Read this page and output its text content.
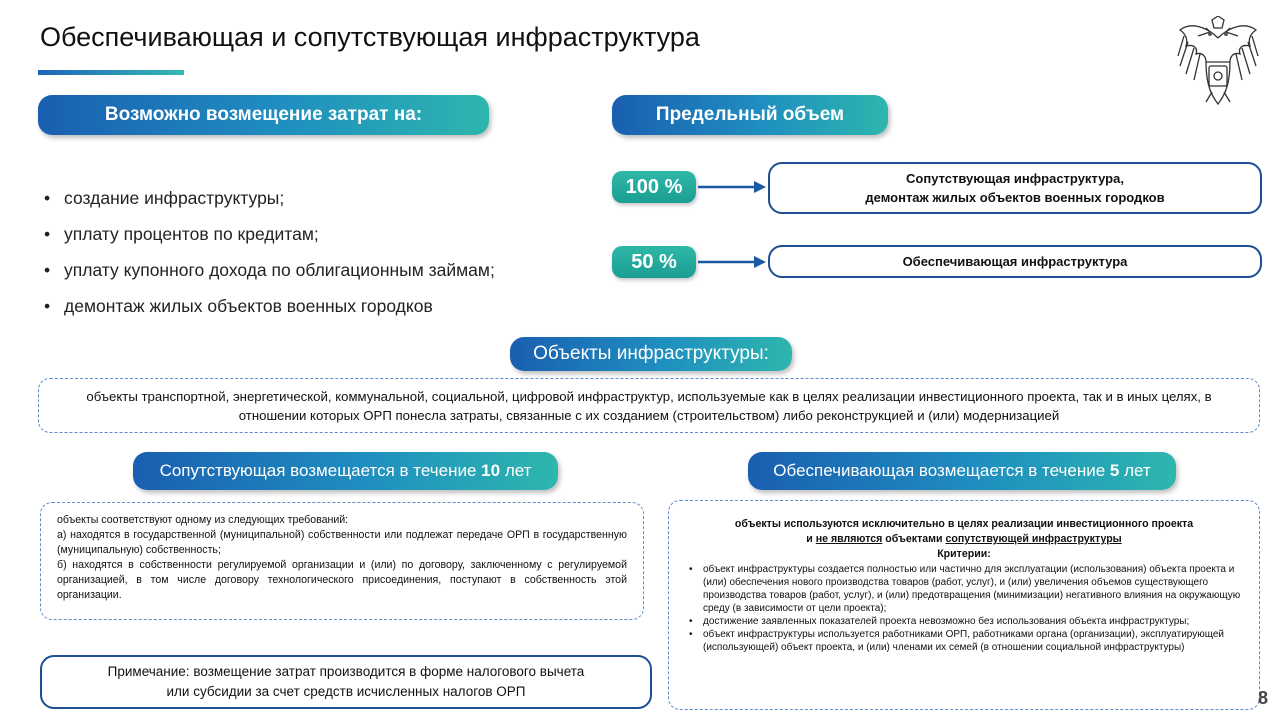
Обеспечивающая и сопутствующая инфраструктура
Возможно возмещение затрат на:
• создание инфраструктуры;
• уплату процентов по кредитам;
• уплату купонного дохода по облигационным займам;
• демонтаж жилых объектов военных городков
Предельный объем
100 %	Сопутствующая инфраструктура,
демонтаж жилых объектов военных городков
50 %	Обеспечивающая инфраструктура
Объекты инфраструктуры:
объекты транспортной, энергетической, коммунальной, социальной, цифровой инфраструктур, используемые как в целях реализации инвестиционного проекта, так и в иных целях, в отношении которых ОРП понесла затраты, связанные с их созданием (строительством) либо реконструкцией и (или) модернизацией
Сопутствующая возмещается в течение 10 лет
объекты соответствуют одному из следующих требований:
а) находятся в государственной (муниципальной) собственности или подлежат передаче ОРП в государственную (муниципальную) собственность;
б) находятся в собственности регулируемой организации и (или) по договору, заключенному с регулируемой организацией, в том числе договору технологического присоединения, поступают в собственность этой организации.
Примечание: возмещение затрат производится в форме налогового вычета
или субсидии за счет средств исчисленных налогов ОРП
Обеспечивающая возмещается в течение 5 лет
объекты используются исключительно в целях реализации инвестиционного проекта
и не являются объектами сопутствующей инфраструктуры
Критерии:
• объект инфраструктуры создается полностью или частично для эксплуатации (использования) объекта проекта и (или) обеспечения нового производства товаров (работ, услуг), и (или) увеличения объемов существующего производства товаров (работ, услуг), и (или) предотвращения (минимизации) негативного влияния на окружающую среду (в зависимости от цели проекта);
• достижение заявленных показателей проекта невозможно без использования объекта инфраструктуры;
• объект инфраструктуры используется работниками ОРП, работниками органа (организации), эксплуатирующей (использующей) объект проекта, и (или) членами их семей (в отношении социальной инфраструктуры)
8
